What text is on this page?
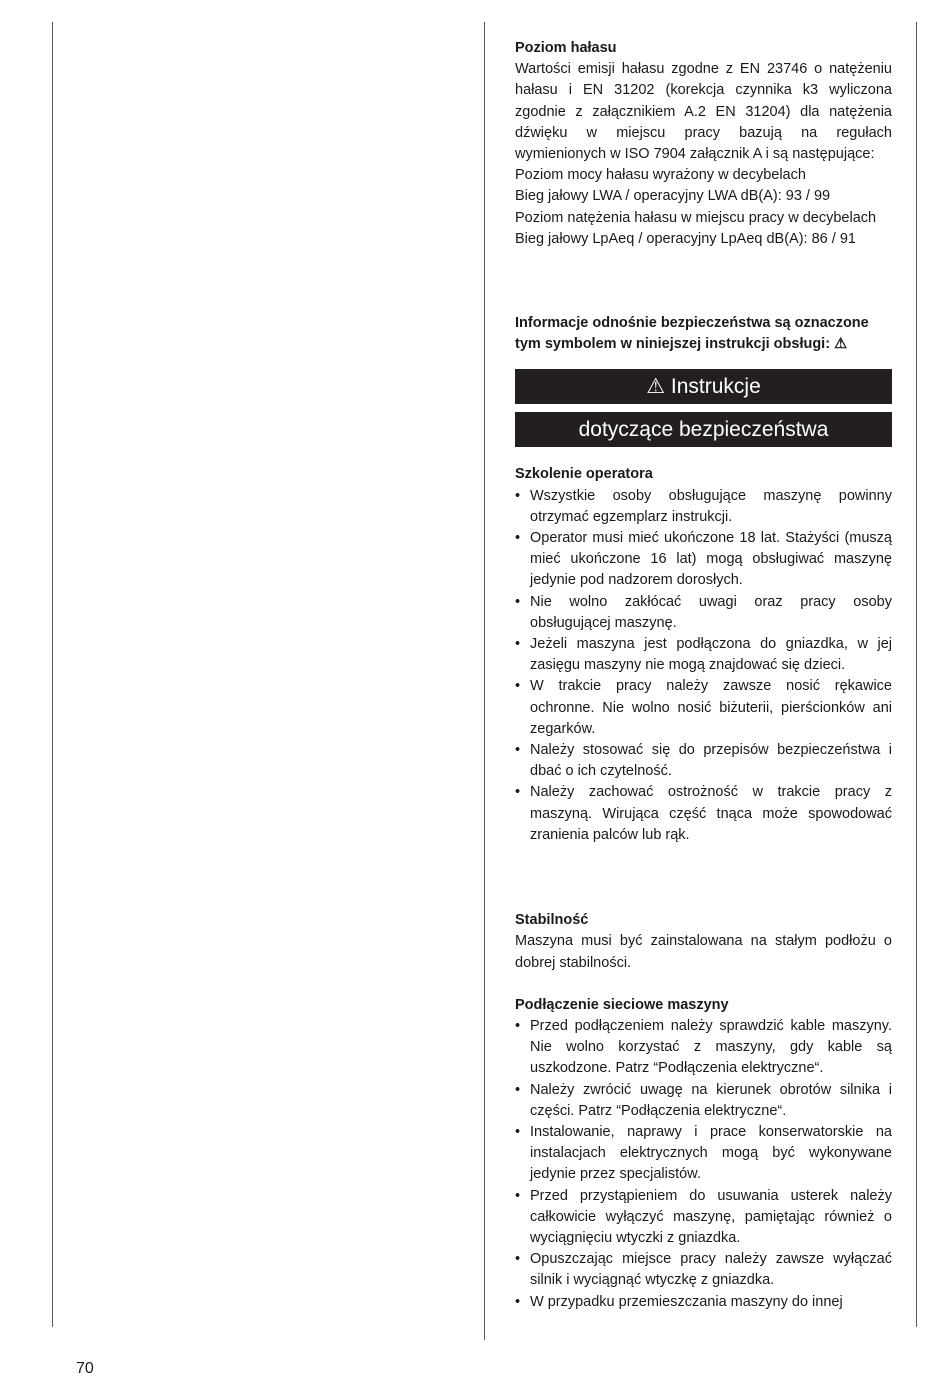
Poziom hałasu
Wartości emisji hałasu zgodne z EN 23746 o natężeniu hałasu i EN 31202 (korekcja czynnika k3 wyliczona zgodnie z załącznikiem A.2 EN 31204) dla natężenia dźwięku w miejscu pracy bazują na regułach wymienionych w ISO 7904 załącznik A i są następujące:
Poziom mocy hałasu wyrażony w decybelach
Bieg jałowy LWA / operacyjny LWA dB(A): 93 / 99
Poziom natężenia hałasu w miejscu pracy w decybelach
Bieg jałowy LpAeq / operacyjny LpAeq dB(A): 86 / 91
Informacje odnośnie bezpieczeństwa są oznaczone tym symbolem w niniejszej instrukcji obsługi: ⚠
⚠ Instrukcje
dotyczące bezpieczeństwa
Szkolenie operatora
• Wszystkie osoby obsługujące maszynę powinny otrzymać egzemplarz instrukcji.
• Operator musi mieć ukończone 18 lat. Stażyści (muszą mieć ukończone 16 lat) mogą obsługiwać maszynę jedynie pod nadzorem dorosłych.
• Nie wolno zakłócać uwagi oraz pracy osoby obsługującej maszynę.
• Jeżeli maszyna jest podłączona do gniazdka, w jej zasięgu maszyny nie mogą znajdować się dzieci.
• W trakcie pracy należy zawsze nosić rękawice ochronne. Nie wolno nosić biżuterii, pierścionków ani zegarków.
• Należy stosować się do przepisów bezpieczeństwa i dbać o ich czytelność.
• Należy zachować ostrożność w trakcie pracy z maszyną. Wirująca część tnąca może spowodować zranienia palców lub rąk.
Stabilność
Maszyna musi być zainstalowana na stałym podłożu o dobrej stabilności.
Podłączenie sieciowe maszyny
• Przed podłączeniem należy sprawdzić kable maszyny. Nie wolno korzystać z maszyny, gdy kable są uszkodzone. Patrz “Podłączenia elektryczne“.
• Należy zwrócić uwagę na kierunek obrotów silnika i części. Patrz “Podłączenia elektryczne“.
• Instalowanie, naprawy i prace konserwatorskie na instalacjach elektrycznych mogą być wykonywane jedynie przez specjalistów.
• Przed przystąpieniem do usuwania usterek należy całkowicie wyłączyć maszynę, pamiętając również o wyciągnięciu wtyczki z gniazdka.
• Opuszczając miejsce pracy należy zawsze wyłączać silnik i wyciągnąć wtyczkę z gniazdka.
• W przypadku przemieszczania maszyny do innej
70
